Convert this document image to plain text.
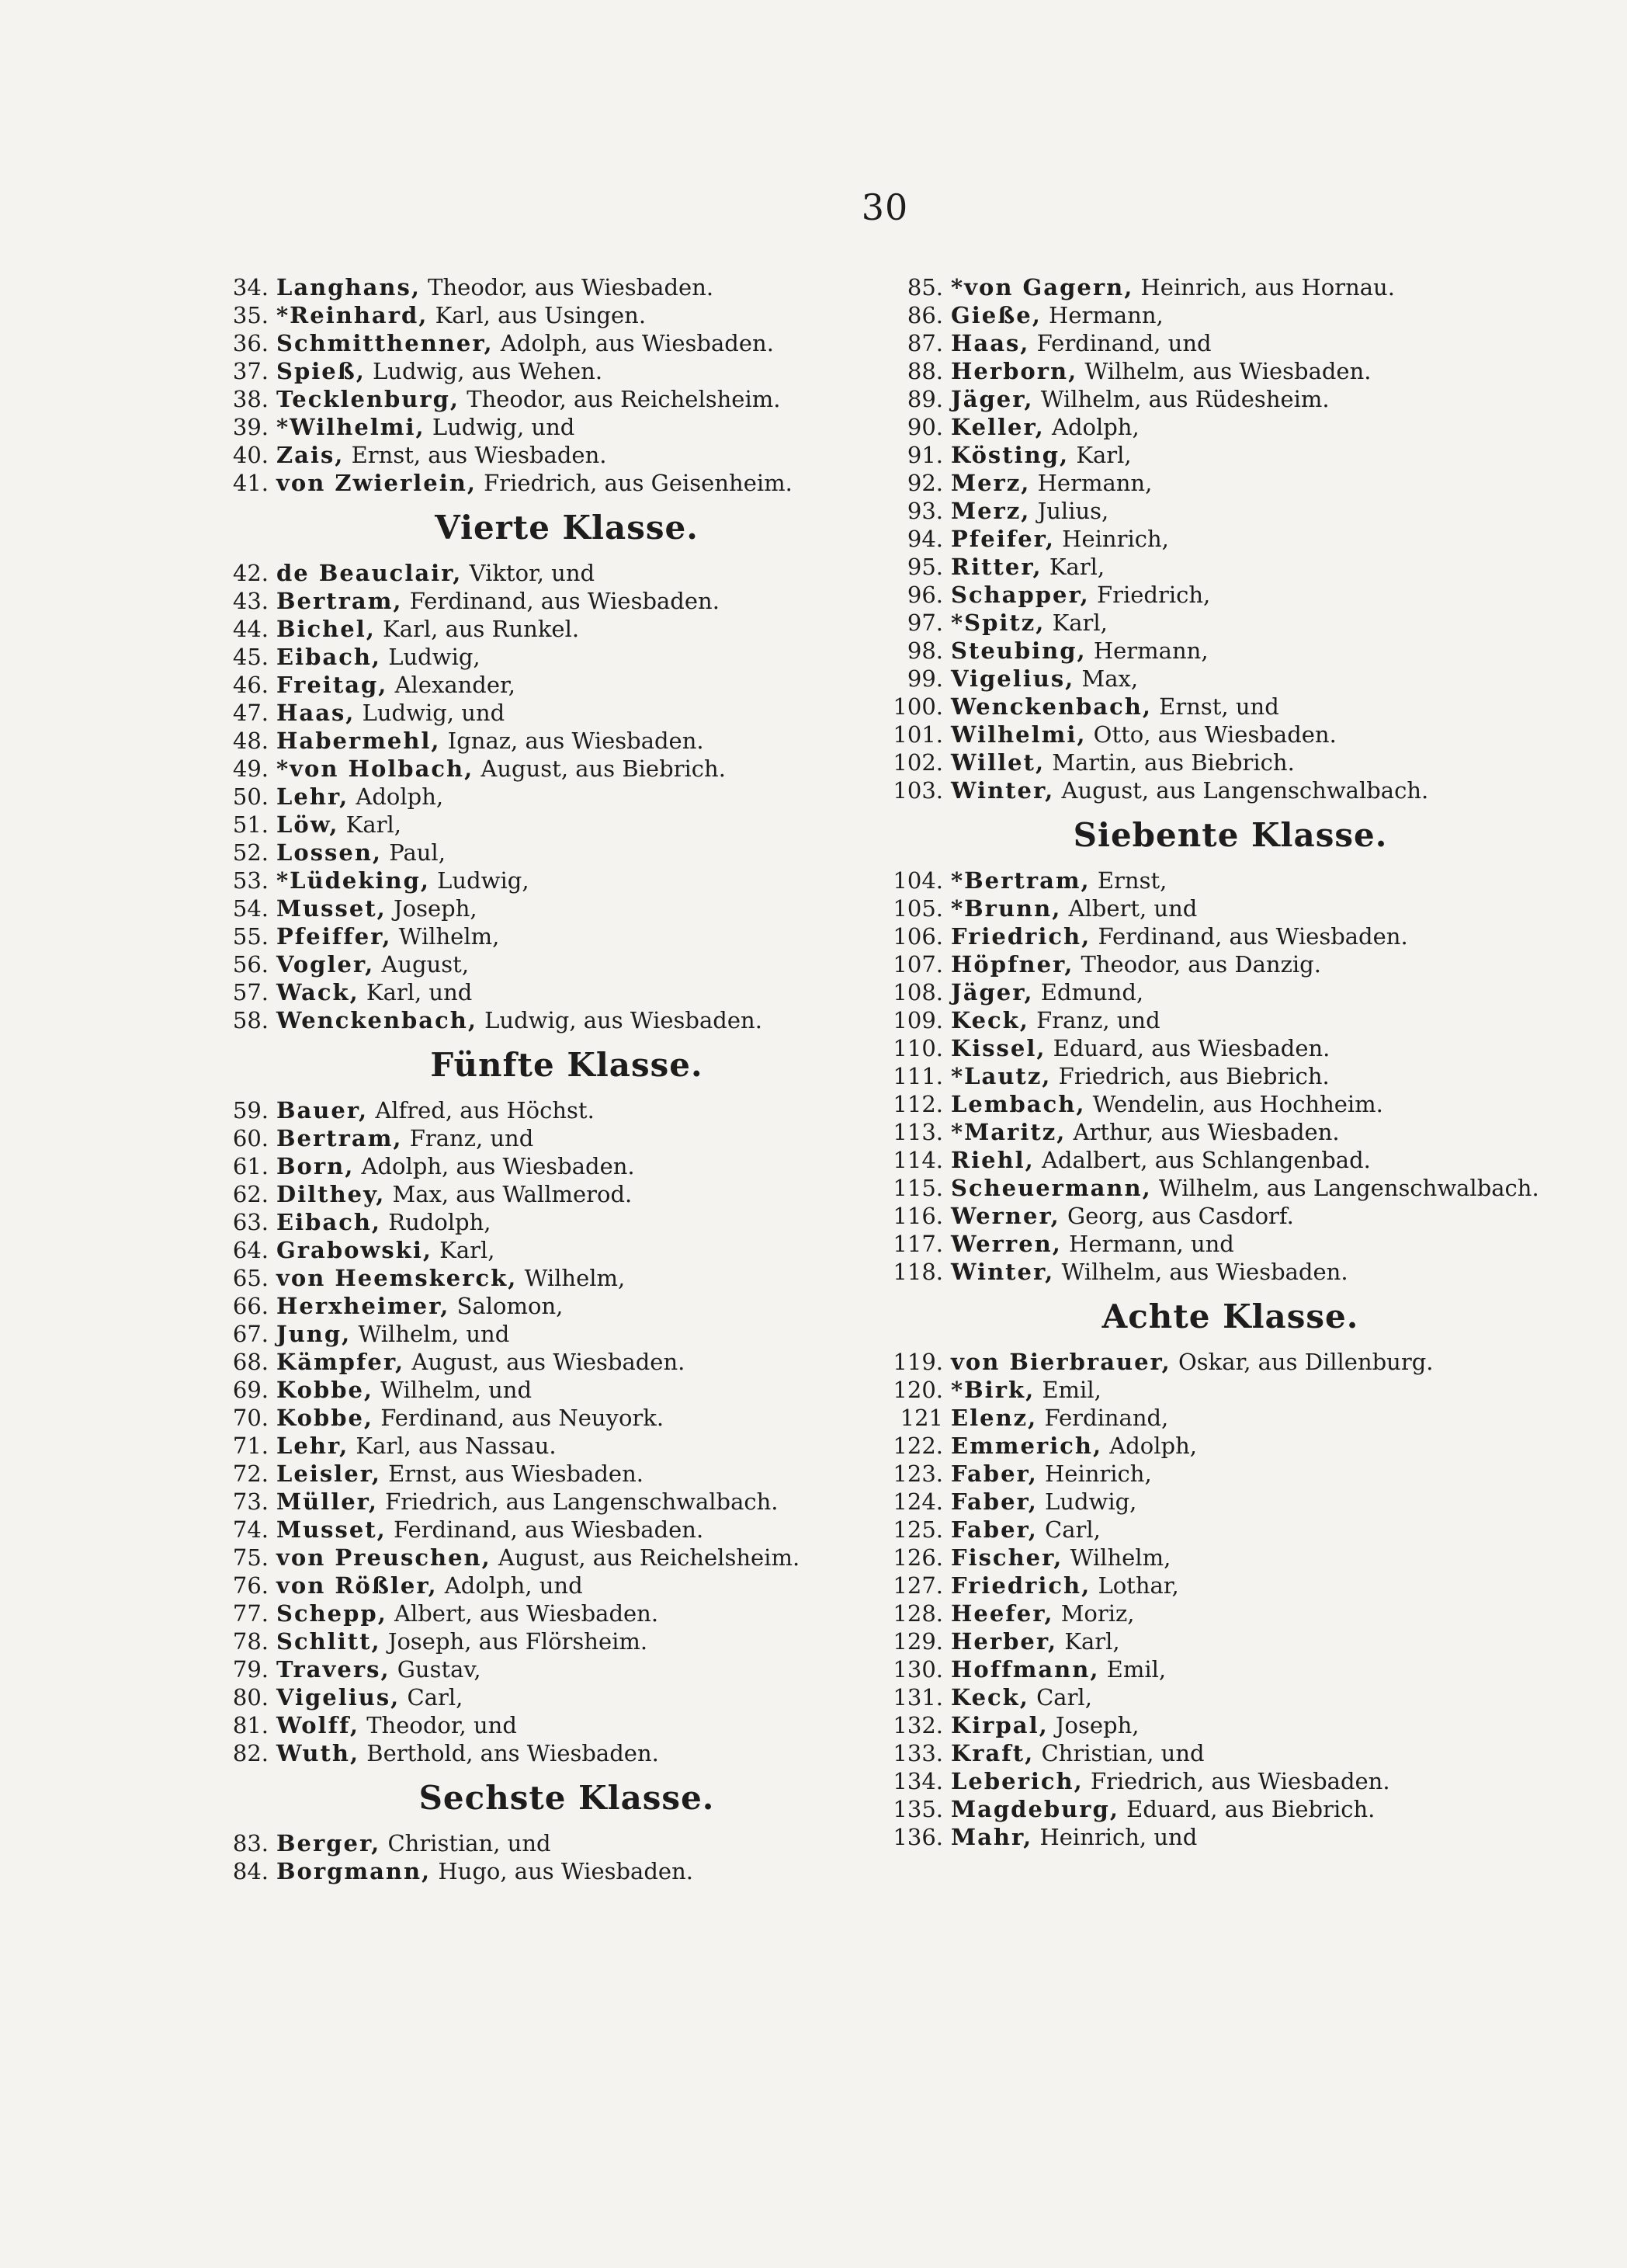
30
34. Langhans, Theodor, aus Wiesbaden.
35. *Reinhard, Karl, aus Usingen.
36. Schmitthenner, Adolph, aus Wiesbaden.
37. Spieß, Ludwig, aus Wehen.
38. Tecklenburg, Theodor, aus Reichelsheim.
39. *Wilhelmi, Ludwig, und
40. Zais, Ernst, aus Wiesbaden.
41. von Zwierlein, Friedrich, aus Geisenheim.
Vierte Klasse.
42. de Beauclair, Viktor, und
43. Bertram, Ferdinand, aus Wiesbaden.
44. Bichel, Karl, aus Runkel.
45. Eibach, Ludwig,
46. Freitag, Alexander,
47. Haas, Ludwig, und
48. Habermehl, Ignaz, aus Wiesbaden.
49. *von Holbach, August, aus Biebrich.
50. Lehr, Adolph,
51. Löw, Karl,
52. Lossen, Paul,
53. *Lüdeking, Ludwig,
54. Musset, Joseph,
55. Pfeiffer, Wilhelm,
56. Vogler, August,
57. Wack, Karl, und
58. Wenckenbach, Ludwig, aus Wiesbaden.
Fünfte Klasse.
59. Bauer, Alfred, aus Höchst.
60. Bertram, Franz, und
61. Born, Adolph, aus Wiesbaden.
62. Dilthey, Max, aus Wallmerod.
63. Eibach, Rudolph,
64. Grabowski, Karl,
65. von Heemskerck, Wilhelm,
66. Herxheimer, Salomon,
67. Jung, Wilhelm, und
68. Kämpfer, August, aus Wiesbaden.
69. Kobbe, Wilhelm, und
70. Kobbe, Ferdinand, aus Neuyork.
71. Lehr, Karl, aus Nassau.
72. Leisler, Ernst, aus Wiesbaden.
73. Müller, Friedrich, aus Langenschwalbach.
74. Musset, Ferdinand, aus Wiesbaden.
75. von Preuschen, August, aus Reichelsheim.
76. von Rößler, Adolph, und
77. Schepp, Albert, aus Wiesbaden.
78. Schlitt, Joseph, aus Flörsheim.
79. Travers, Gustav,
80. Vigelius, Carl,
81. Wolff, Theodor, und
82. Wuth, Berthold, ans Wiesbaden.
Sechste Klasse.
83. Berger, Christian, und
84. Borgmann, Hugo, aus Wiesbaden.
85. *von Gagern, Heinrich, aus Hornau.
86. Gieße, Hermann,
87. Haas, Ferdinand, und
88. Herborn, Wilhelm, aus Wiesbaden.
89. Jäger, Wilhelm, aus Rüdesheim.
90. Keller, Adolph,
91. Kösting, Karl,
92. Merz, Hermann,
93. Merz, Julius,
94. Pfeifer, Heinrich,
95. Ritter, Karl,
96. Schapper, Friedrich,
97. *Spitz, Karl,
98. Steubing, Hermann,
99. Vigelius, Max,
100. Wenckenbach, Ernst, und
101. Wilhelmi, Otto, aus Wiesbaden.
102. Willet, Martin, aus Biebrich.
103. Winter, August, aus Langenschwalbach.
Siebente Klasse.
104. *Bertram, Ernst,
105. *Brunn, Albert, und
106. Friedrich, Ferdinand, aus Wiesbaden.
107. Höpfner, Theodor, aus Danzig.
108. Jäger, Edmund,
109. Keck, Franz, und
110. Kissel, Eduard, aus Wiesbaden.
111. *Lautz, Friedrich, aus Biebrich.
112. Lembach, Wendelin, aus Hochheim.
113. *Maritz, Arthur, aus Wiesbaden.
114. Riehl, Adalbert, aus Schlangenbad.
115. Scheuermann, Wilhelm, aus Langenschwalbach.
116. Werner, Georg, aus Casdorf.
117. Werren, Hermann, und
118. Winter, Wilhelm, aus Wiesbaden.
Achte Klasse.
119. von Bierbrauer, Oskar, aus Dillenburg.
120. *Birk, Emil,
121 Elenz, Ferdinand,
122. Emmerich, Adolph,
123. Faber, Heinrich,
124. Faber, Ludwig,
125. Faber, Carl,
126. Fischer, Wilhelm,
127. Friedrich, Lothar,
128. Heefer, Moriz,
129. Herber, Karl,
130. Hoffmann, Emil,
131. Keck, Carl,
132. Kirpal, Joseph,
133. Kraft, Christian, und
134. Leberich, Friedrich, aus Wiesbaden.
135. Magdeburg, Eduard, aus Biebrich.
136. Mahr, Heinrich, und
